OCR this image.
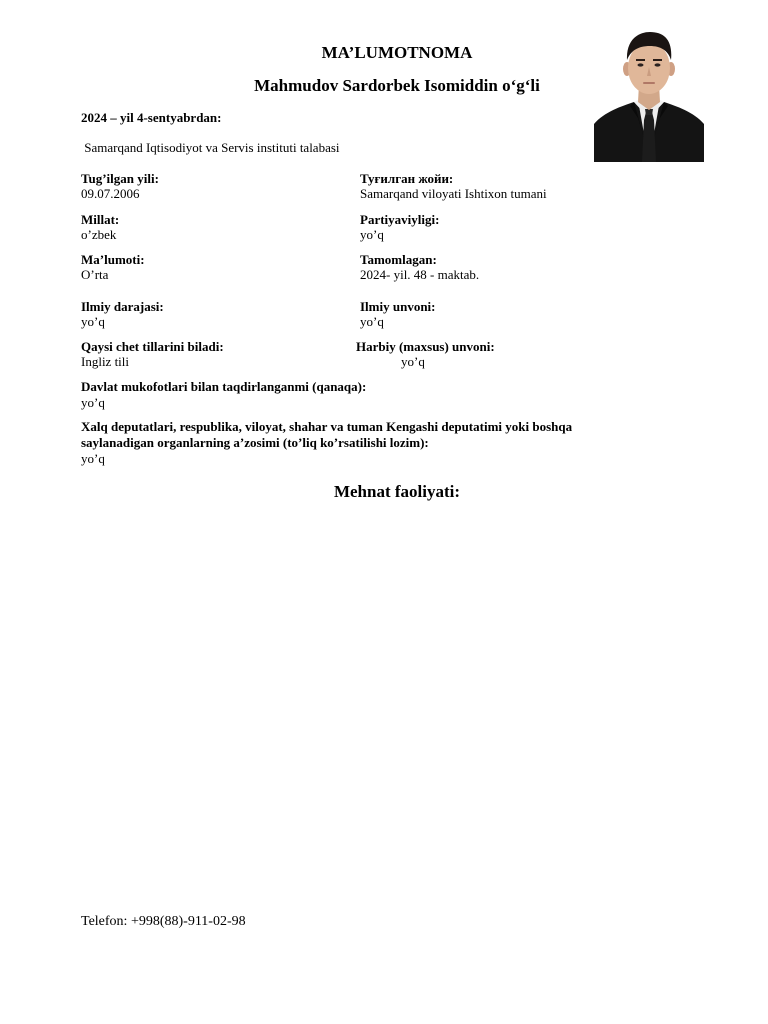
MA’LUMOTNOMA
Mahmudov Sardorbek Isomiddin o‘g‘li
2024 – yil 4-sentyabrdan:
Samarqand Iqtisodiyot va Servis instituti talabasi
Tug’ilgan yili:
09.07.2006
Туғилган жойи:
Samarqand viloyati Ishtixon tumani
Millat:
o’zbek
Partiyaviyligi:
yo’q
Ma’lumoti:
O’rta
Tamomlagan:
2024- yil. 48 - maktab.
Ilmiy darajasi:
yo’q
Ilmiy unvoni:
yo’q
Qaysi chet tillarini biladi:
Ingliz tili
Harbiy (maxsus) unvoni:
yo’q
Davlat mukofotlari bilan taqdirlanganmi (qanaqa):
yo’q
Xalq deputatlari, respublika, viloyat, shahar va tuman Kengashi deputatimi yoki boshqa
saylanadigan organlarning a’zosimi (to’liq ko’rsatilishi lozim):
yo’q
Mehnat faoliyati:
Telefon: +998(88)-911-02-98
